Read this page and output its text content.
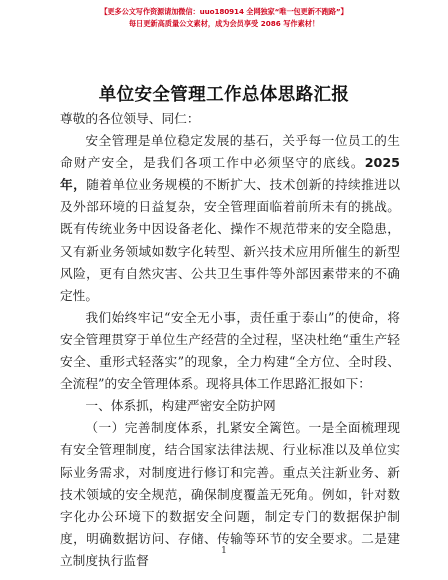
【更多公文写作资源请加微信：uuo180914 全网独家“唯一包更新不跑路”】
每日更新高质量公文素材，成为会员享受 2086 写作素材！
单位安全管理工作总体思路汇报

尊敬的各位领导、同仁：

安全管理是单位稳定发展的基石，关乎每一位员工的生命财产安全，是我们各项工作中必须坚守的底线。2025 年，随着单位业务规模的不断扩大、技术创新的持续推进以及外部环境的日益复杂，安全管理面临着前所未有的挑战。既有传统业务中因设备老化、操作不规范带来的安全隐患，又有新业务领域如数字化转型、新兴技术应用所催生的新型风险，更有自然灾害、公共卫生事件等外部因素带来的不确定性。

我们始终牢记“安全无小事，责任重于泰山”的使命，将安全管理贯穿于单位生产经营的全过程，坚决杜绝“重生产轻安全、重形式轻落实”的现象，全力构建“全方位、全时段、全流程”的安全管理体系。现将具体工作思路汇报如下：

一、体系抓，构建严密安全防护网

（一）完善制度体系，扎紧安全篱笆。一是全面梳理现有安全管理制度，结合国家法律法规、行业标准以及单位实际业务需求，对制度进行修订和完善。重点关注新业务、新技术领域的安全规范，确保制度覆盖无死角。例如，针对数字化办公环境下的数据安全问题，制定专门的数据保护制度，明确数据访问、存储、传输等环节的安全要求。二是建立制度执行监督

1
